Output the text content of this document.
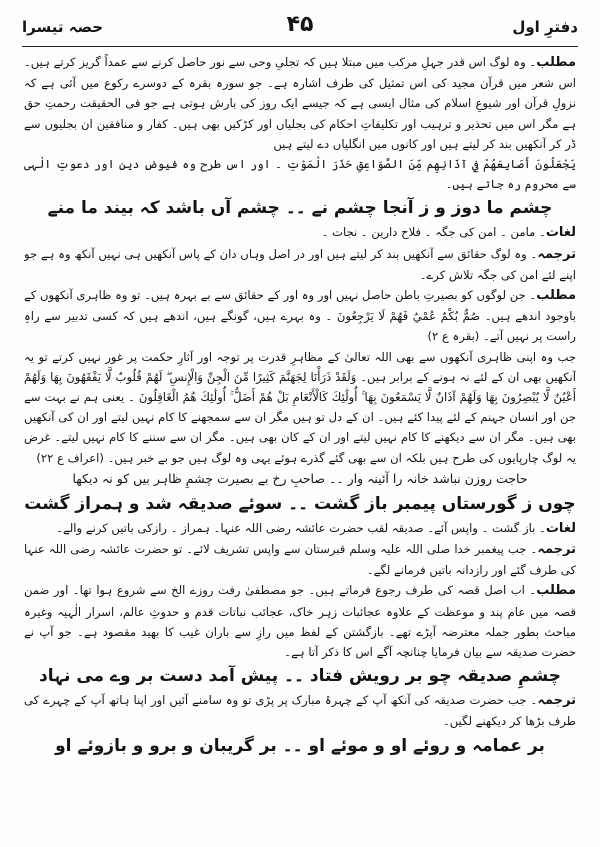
دفترِ اول
۴۵
حصہ تیسرا

مطلب۔ وہ لوگ اس قدر جہلِ مرکب میں مبتلا ہیں کہ تجلیِ وحی سے نور حاصل کرنے سے عمداً گریز کرتے ہیں۔ اس شعر میں قرآن مجید کی اس تمثیل کی طرف اشارہ ہے۔ جو سورہ بقرہ کے دوسرے رکوع میں آئی ہے کہ نزولِ قرآن اور شیوعِ اسلام کی مثال ایسی ہے کہ جیسے ایک روز کی بارش ہوتی ہے جو فی الحقیقت رحمتِ حق ہے مگر اس میں تحذیر و ترہیب اور تکلیفاتِ احکام کی بجلیاں اور کڑکیں بھی ہیں۔ کفار و منافقین ان بجلیوں سے ڈر کر آنکھیں بند کر لیتے ہیں اور کانوں میں انگلیاں دے لیتے ہیں

يَجْعَلُونَ أَصَابِعَهُمْ فِي آذَانِهِم مِّنَ الصَّوَاعِقِ حَذَرَ الْمَوْتِ ۔ اور اس طرح وہ فیوضِ دین اور دعوتِ الٰہی سے محروم رہ جاتے ہیں۔

چشم ما دوز و ز آنجا چشم نے ۔۔ چشم آں باشد کہ بیند ما منے

لغات۔ مامن ۔ امن کی جگہ ۔ فلاح دارین ۔ نجات ۔

ترجمہ۔ وہ لوگ حقائق سے آنکھیں بند کر لیتے ہیں اور در اصل وہاں دان کے پاس آنکھیں ہی نہیں آنکھ وہ ہے جو اپنے لئے امن کی جگہ تلاش کرے۔

مطلب۔ جن لوگوں کو بصیرتِ باطن حاصل نہیں اور وہ اور کے حقائق سے بے بہرہ ہیں۔ تو وہ ظاہری آنکھوں کے باوجود اندھے ہیں۔ صُمٌّ بُكْمٌ عُمْيٌ فَهُمْ لَا يَرْجِعُونَ ۔ وہ بہرے ہیں، گونگے ہیں، اندھے ہیں کہ کسی تدبیر سے راہِ راست پر نہیں آتے۔ (بقرہ ع ۲)

جب وہ اپنی ظاہری آنکھوں سے بھی اللہ تعالیٰ کے مظاہرِ قدرت پر توجہ اور آثارِ حکمت پر غور نہیں کرتے تو یہ آنکھیں بھی ان کے لئے نہ ہونے کے برابر ہیں۔ وَلَقَدْ ذَرَأْنَا لِجَهَنَّمَ كَثِيرًا مِّنَ الْجِنِّ وَالْإِنسِ ۖ لَهُمْ قُلُوبٌ لَّا يَفْقَهُونَ بِهَا وَلَهُمْ أَعْيُنٌ لَّا يُبْصِرُونَ بِهَا وَلَهُمْ آذَانٌ لَّا يَسْمَعُونَ بِهَا ۚ أُولَٰئِكَ كَالْأَنْعَامِ بَلْ هُمْ أَضَلُّ ۚ أُولَٰئِكَ هُمُ الْغَافِلُونَ ۔ یعنی ہم نے بہت سے جن اور انسان جہنم کے لئے پیدا کئے ہیں۔ ان کے دل تو ہیں مگر ان سے سمجھنے کا کام نہیں لیتے اور ان کی آنکھیں بھی ہیں۔ مگر ان سے دیکھنے کا کام نہیں لیتے اور ان کے کان بھی ہیں۔ مگر ان سے سننے کا کام نہیں لیتے۔ غرض یہ لوگ چارپایوں کی طرح ہیں بلکہ ان سے بھی گئے گذرے ہوئے یہی وہ لوگ ہیں جو بے خبر ہیں۔ (اعراف ع ۲۲)

حاجت روزن نباشد خانہ را آئینہ وار ۔۔ صاحبِ رخ بے بصیرت چشمِ ظاہر بیں کو نہ دیکھا

چوں ز گورستاں پیمبر باز گشت ۔۔ سوئے صدیقہ شد و ہمراز گشت

لغات۔ باز گشت ۔ واپس آئے۔ صدیقہ لقب حضرت عائشہ رضی اللہ عنہا۔ ہمراز ۔ رازکی باتیں کرنے والے۔

ترجمہ۔ جب پیغمبر خدا صلی اللہ علیہ وسلم قبرستان سے واپس تشریف لائے۔ تو حضرت عائشہ رضی اللہ عنہا کی طرف گئے اور رازدانہ باتیں فرمانے لگے۔

مطلب۔ اب اصل قصہ کی طرف رجوع فرماتے ہیں۔ جو مصطفیٰ رفت روزے الخ سے شروع ہوا تھا۔ اور ضمن قصہ میں عام پند و موعظت کے علاوہ عجائبات زہر خاک، عجائب نباتات قدم و حدوثِ عالم، اسرار الٰہیہ وغیرہ مباحث بطور جملہ معترضہ آپڑے تھے۔ بازگشتن کے لفظ میں رازِ سے باران غیب کا بھید مقصود ہے۔ جو آپ نے حضرت صدیقہ سے بیان فرمایا چنانچہ آگے اس کا ذکر آتا ہے۔

چشمِ صدیقہ چو بر رویش فتاد ۔۔ پیش آمد دست بر وے می نہاد

ترجمہ۔ جب حضرت صدیقہ کی آنکھ آپ کے چہرۂ مبارک پر پڑی تو وہ سامنے آئیں اور اپنا ہاتھ آپ کے چہرے کی طرف بڑھا کر دیکھنے لگیں۔

بر عمامہ و روئے او و موئے او ۔۔ بر گریبان و برو و بازوئے او
